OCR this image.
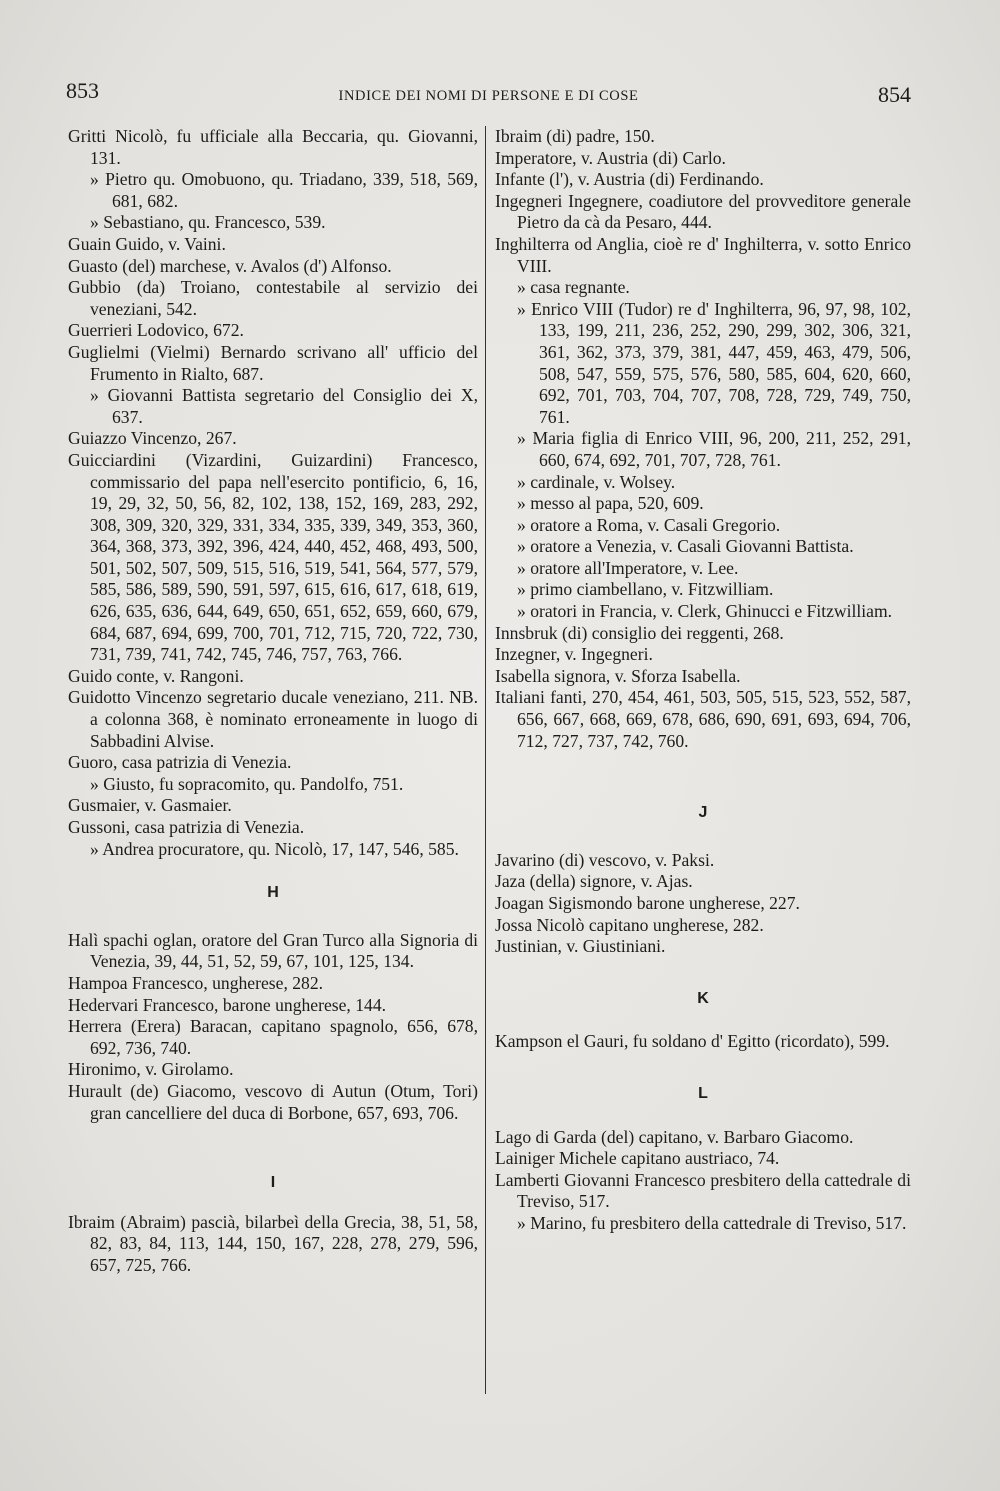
853	INDICE DEI NOMI DI PERSONE E DI COSE	854
Gritti Nicolò, fu ufficiale alla Beccaria, qu. Giovanni, 131.
» Pietro qu. Omobuono, qu. Triadano, 339, 518, 569, 681, 682.
» Sebastiano, qu. Francesco, 539.
Guain Guido, v. Vaini.
Guasto (del) marchese, v. Avalos (d') Alfonso.
Gubbio (da) Troiano, contestabile al servizio dei veneziani, 542.
Guerrieri Lodovico, 672.
Guglielmi (Vielmi) Bernardo scrivano all' ufficio del Frumento in Rialto, 687.
» Giovanni Battista segretario del Consiglio dei X, 637.
Guiazzo Vincenzo, 267.
Guicciardini (Vizardini, Guizardini) Francesco, commissario del papa nell'esercito pontificio, 6, 16, 19, 29, 32, 50, 56, 82, 102, 138, 152, 169, 283, 292, 308, 309, 320, 329, 331, 334, 335, 339, 349, 353, 360, 364, 368, 373, 392, 396, 424, 440, 452, 468, 493, 500, 501, 502, 507, 509, 515, 516, 519, 541, 564, 577, 579, 585, 586, 589, 590, 591, 597, 615, 616, 617, 618, 619, 626, 635, 636, 644, 649, 650, 651, 652, 659, 660, 679, 684, 687, 694, 699, 700, 701, 712, 715, 720, 722, 730, 731, 739, 741, 742, 745, 746, 757, 763, 766.
Guido conte, v. Rangoni.
Guidotto Vincenzo segretario ducale veneziano, 211. NB. a colonna 368, è nominato erroneamente in luogo di Sabbadini Alvise.
Guoro, casa patrizia di Venezia.
» Giusto, fu sopracomito, qu. Pandolfo, 751.
Gusmaier, v. Gasmaier.
Gussoni, casa patrizia di Venezia.
» Andrea procuratore, qu. Nicolò, 17, 147, 546, 585.
H
Halì spachi oglan, oratore del Gran Turco alla Signoria di Venezia, 39, 44, 51, 52, 59, 67, 101, 125, 134.
Hampoa Francesco, ungherese, 282.
Hedervari Francesco, barone ungherese, 144.
Herrera (Erera) Baracan, capitano spagnolo, 656, 678, 692, 736, 740.
Hironimo, v. Girolamo.
Hurault (de) Giacomo, vescovo di Autun (Otum, Tori) gran cancelliere del duca di Borbone, 657, 693, 706.
I
Ibraim (Abraim) pascià, bilarbeì della Grecia, 38, 51, 58, 82, 83, 84, 113, 144, 150, 167, 228, 278, 279, 596, 657, 725, 766.
Ibraim (di) padre, 150.
Imperatore, v. Austria (di) Carlo.
Infante (l'), v. Austria (di) Ferdinando.
Ingegneri Ingegnere, coadiutore del provveditore generale Pietro da cà da Pesaro, 444.
Inghilterra od Anglia, cioè re d' Inghilterra, v. sotto Enrico VIII.
» casa regnante.
» Enrico VIII (Tudor) re d' Inghilterra, 96, 97, 98, 102, 133, 199, 211, 236, 252, 290, 299, 302, 306, 321, 361, 362, 373, 379, 381, 447, 459, 463, 479, 506, 508, 547, 559, 575, 576, 580, 585, 604, 620, 660, 692, 701, 703, 704, 707, 708, 728, 729, 749, 750, 761.
» Maria figlia di Enrico VIII, 96, 200, 211, 252, 291, 660, 674, 692, 701, 707, 728, 761.
» cardinale, v. Wolsey.
» messo al papa, 520, 609.
» oratore a Roma, v. Casali Gregorio.
» oratore a Venezia, v. Casali Giovanni Battista.
» oratore all'Imperatore, v. Lee.
» primo ciambellano, v. Fitzwilliam.
» oratori in Francia, v. Clerk, Ghinucci e Fitzwilliam.
Innsbruk (di) consiglio dei reggenti, 268.
Inzegner, v. Ingegneri.
Isabella signora, v. Sforza Isabella.
Italiani fanti, 270, 454, 461, 503, 505, 515, 523, 552, 587, 656, 667, 668, 669, 678, 686, 690, 691, 693, 694, 706, 712, 727, 737, 742, 760.
J
Javarino (di) vescovo, v. Paksi.
Jaza (della) signore, v. Ajas.
Joagan Sigismondo barone ungherese, 227.
Jossa Nicolò capitano ungherese, 282.
Justinian, v. Giustiniani.
K
Kampson el Gauri, fu soldano d' Egitto (ricordato), 599.
L
Lago di Garda (del) capitano, v. Barbaro Giacomo.
Lainiger Michele capitano austriaco, 74.
Lamberti Giovanni Francesco presbitero della cattedrale di Treviso, 517.
» Marino, fu presbitero della cattedrale di Treviso, 517.
